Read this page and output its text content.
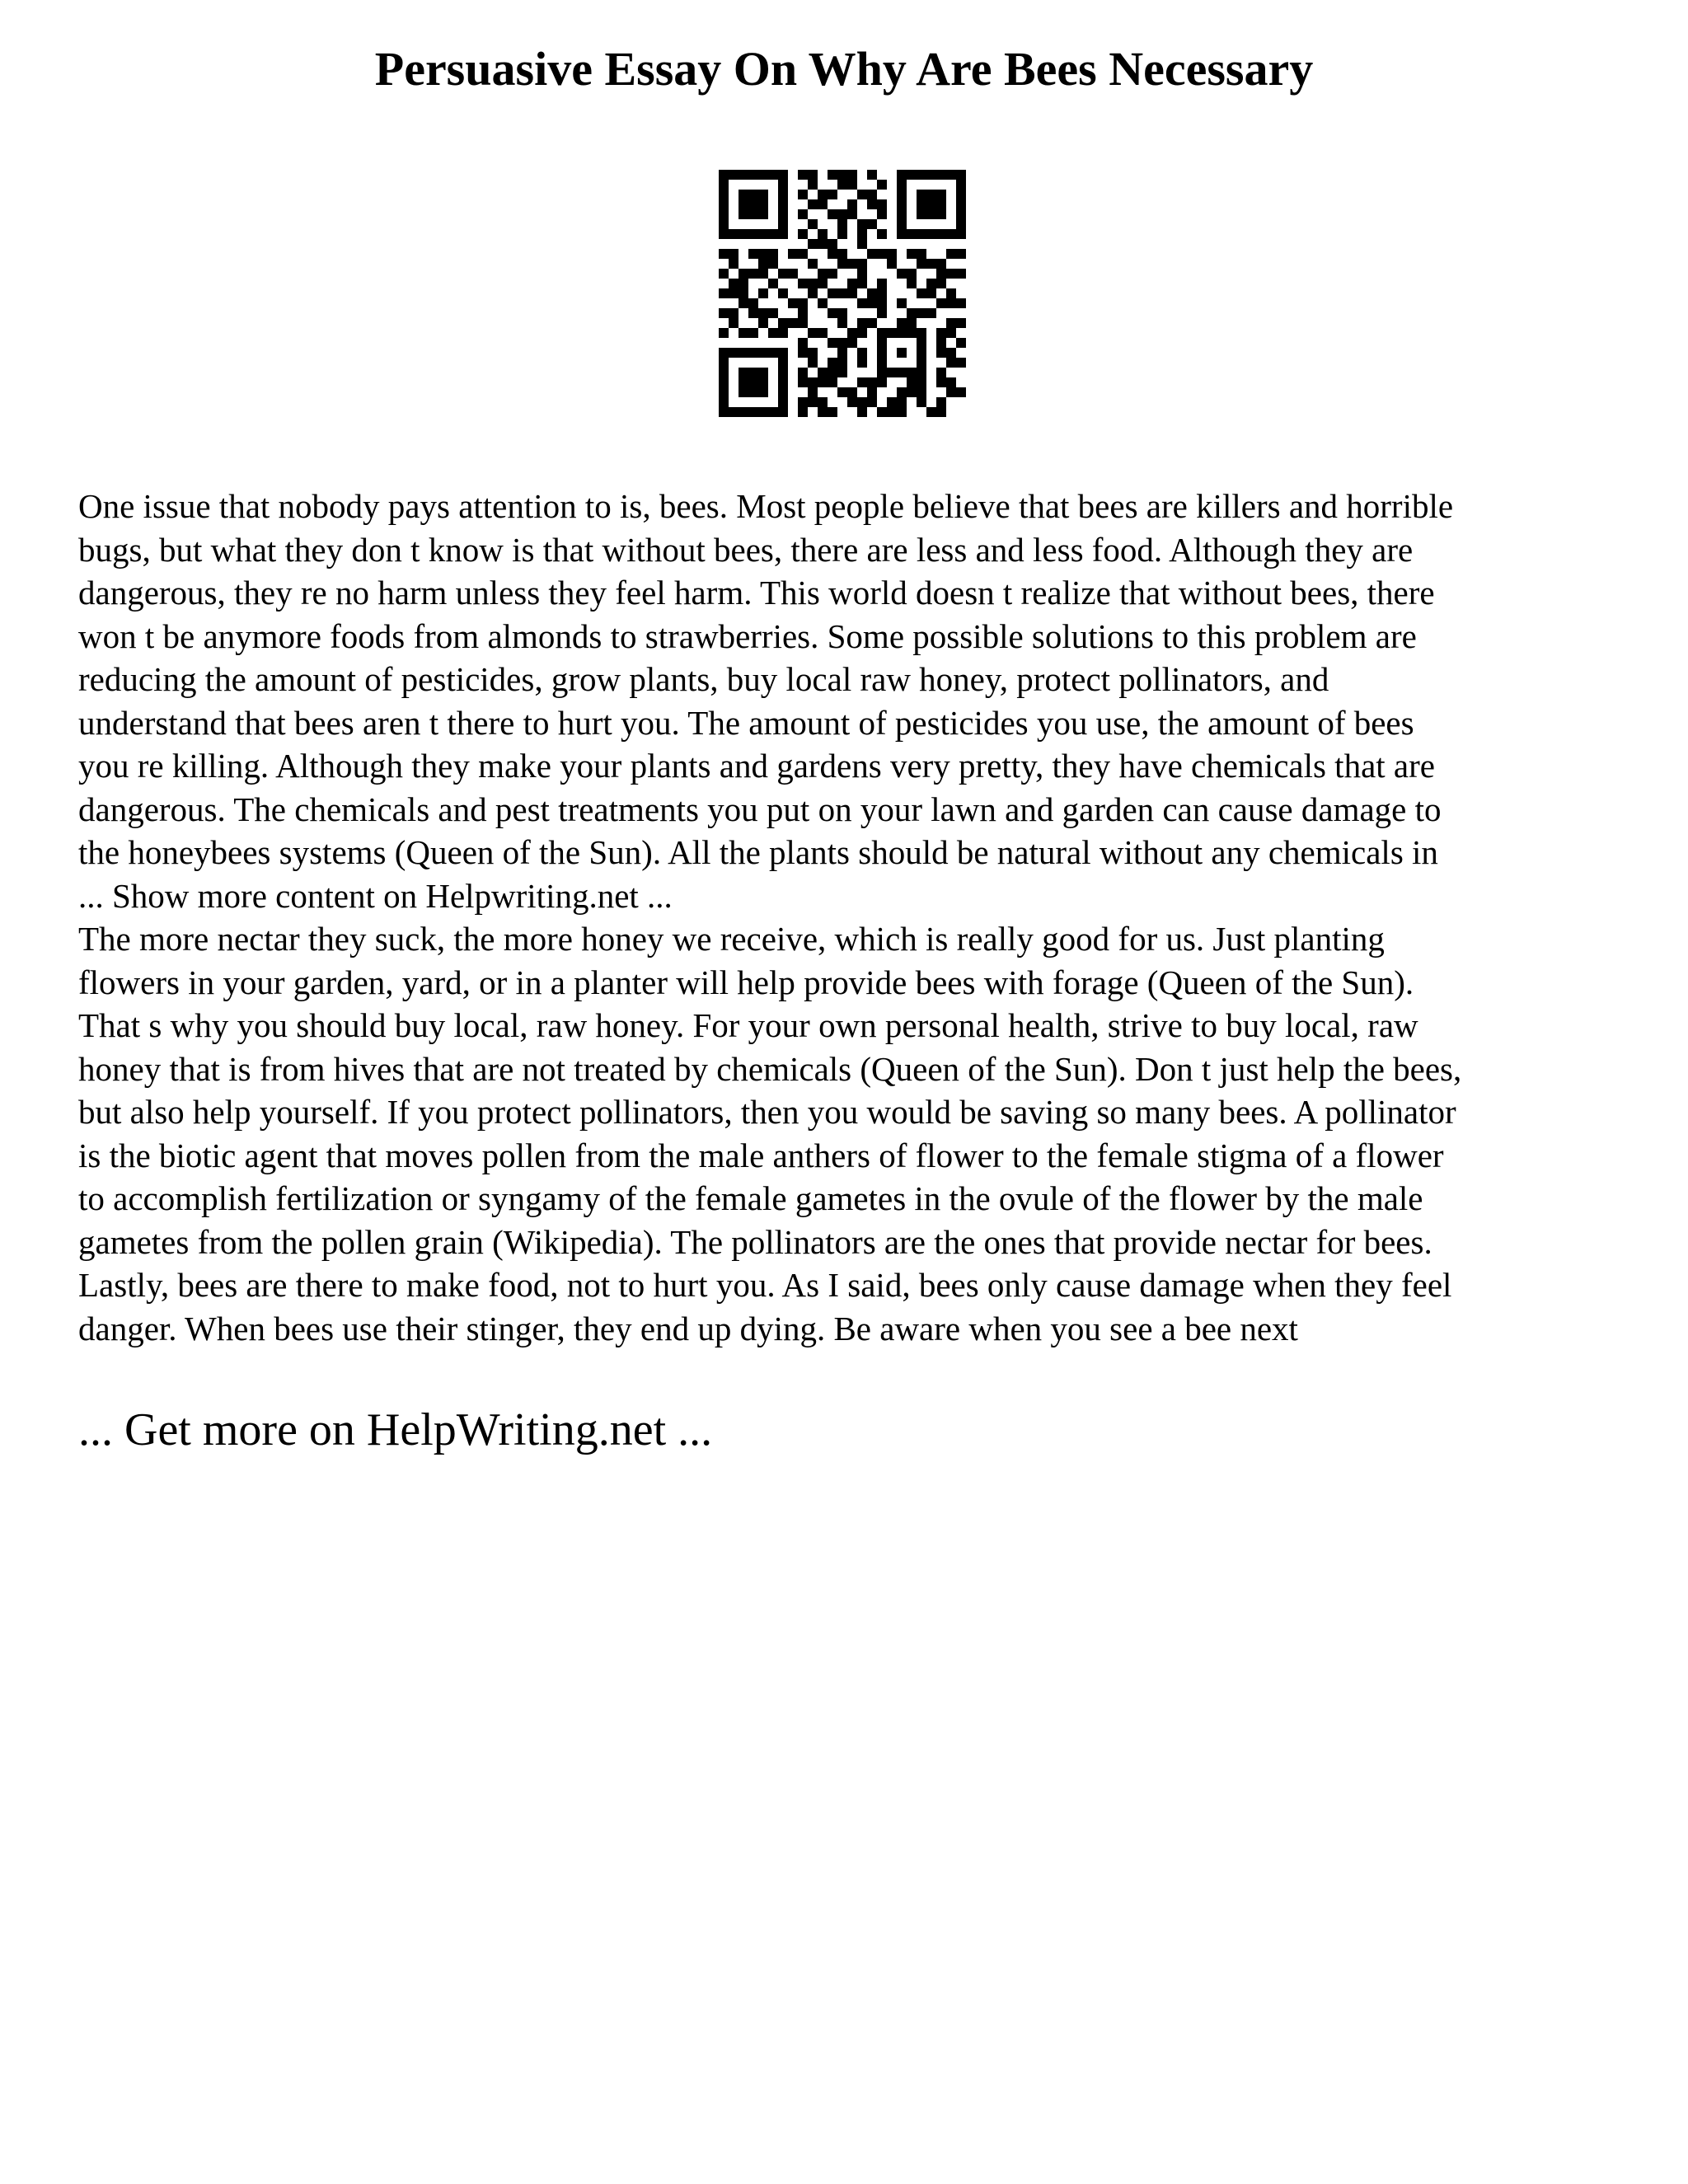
Persuasive Essay On Why Are Bees Necessary

One issue that nobody pays attention to is, bees. Most people believe that bees are killers and horrible
bugs, but what they don t know is that without bees, there are less and less food. Although they are
dangerous, they re no harm unless they feel harm. This world doesn t realize that without bees, there
won t be anymore foods from almonds to strawberries. Some possible solutions to this problem are
reducing the amount of pesticides, grow plants, buy local raw honey, protect pollinators, and
understand that bees aren t there to hurt you. The amount of pesticides you use, the amount of bees
you re killing. Although they make your plants and gardens very pretty, they have chemicals that are
dangerous. The chemicals and pest treatments you put on your lawn and garden can cause damage to
the honeybees systems (Queen of the Sun). All the plants should be natural without any chemicals in
... Show more content on Helpwriting.net ...

The more nectar they suck, the more honey we receive, which is really good for us. Just planting
flowers in your garden, yard, or in a planter will help provide bees with forage (Queen of the Sun).
That s why you should buy local, raw honey. For your own personal health, strive to buy local, raw
honey that is from hives that are not treated by chemicals (Queen of the Sun). Don t just help the bees,
but also help yourself. If you protect pollinators, then you would be saving so many bees. A pollinator
is the biotic agent that moves pollen from the male anthers of flower to the female stigma of a flower
to accomplish fertilization or syngamy of the female gametes in the ovule of the flower by the male
gametes from the pollen grain (Wikipedia). The pollinators are the ones that provide nectar for bees.
Lastly, bees are there to make food, not to hurt you. As I said, bees only cause damage when they feel
danger. When bees use their stinger, they end up dying. Be aware when you see a bee next

... Get more on HelpWriting.net ...
